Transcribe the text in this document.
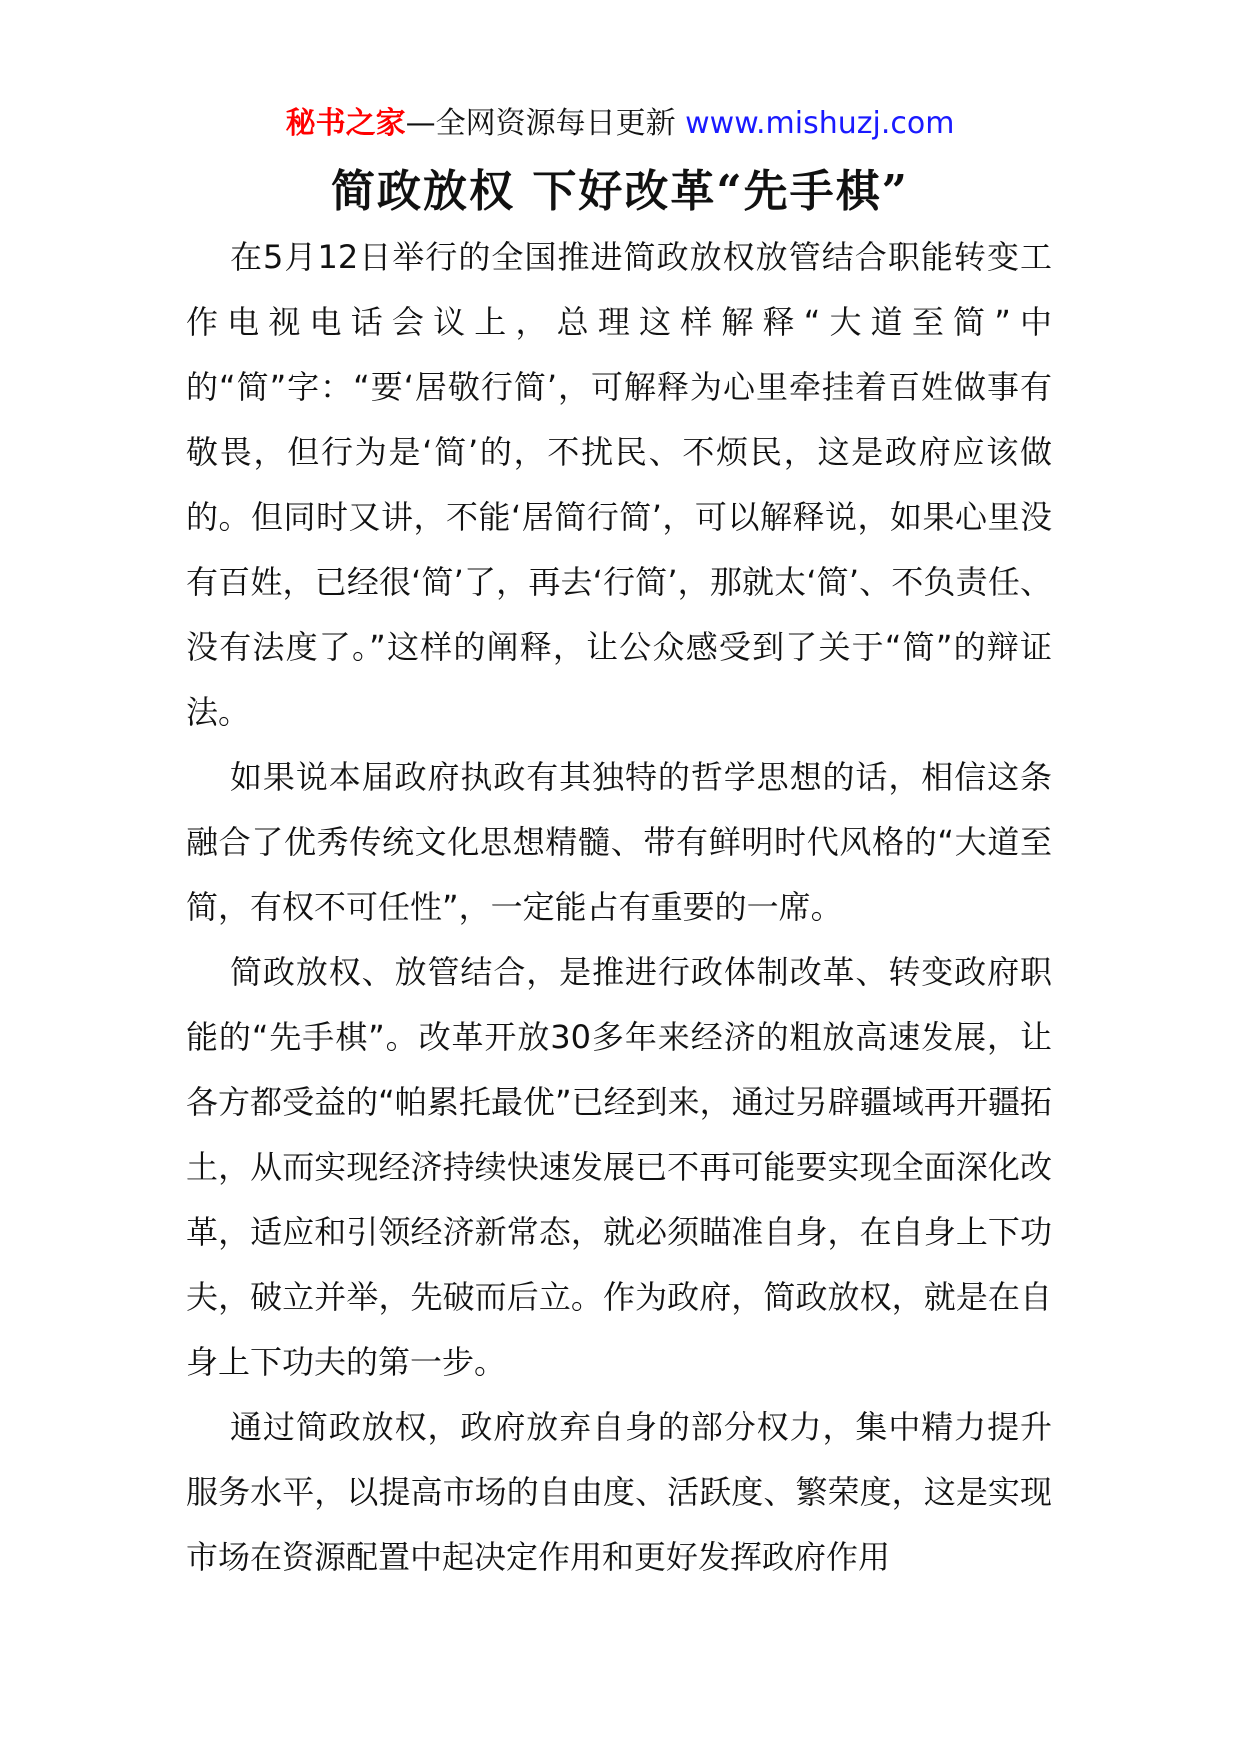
秘书之家—全网资源每日更新 www.mishuzj.com
简政放权 下好改革“先手棋”

在5月12日举行的全国推进简政放权放管结合职能转变工作电视电话会议上，总理这样解释“大道至简”中的“简”字：“要‘居敬行简’，可解释为心里牵挂着百姓做事有敬畏，但行为是‘简’的，不扰民、不烦民，这是政府应该做的。但同时又讲，不能‘居简行简’，可以解释说，如果心里没有百姓，已经很‘简’了，再去‘行简’，那就太‘简’、不负责任、没有法度了。”这样的阐释，让公众感受到了关于“简”的辩证法。

如果说本届政府执政有其独特的哲学思想的话，相信这条融合了优秀传统文化思想精髓、带有鲜明时代风格的“大道至简，有权不可任性”，一定能占有重要的一席。

简政放权、放管结合，是推进行政体制改革、转变政府职能的“先手棋”。改革开放30多年来经济的粗放高速发展，让各方都受益的“帕累托最优”已经到来，通过另辟疆域再开疆拓土，从而实现经济持续快速发展已不再可能要实现全面深化改革，适应和引领经济新常态，就必须瞄准自身，在自身上下功夫，破立并举，先破而后立。作为政府，简政放权，就是在自身上下功夫的第一步。

通过简政放权，政府放弃自身的部分权力，集中精力提升服务水平，以提高市场的自由度、活跃度、繁荣度，这是实现市场在资源配置中起决定作用和更好发挥政府作用
